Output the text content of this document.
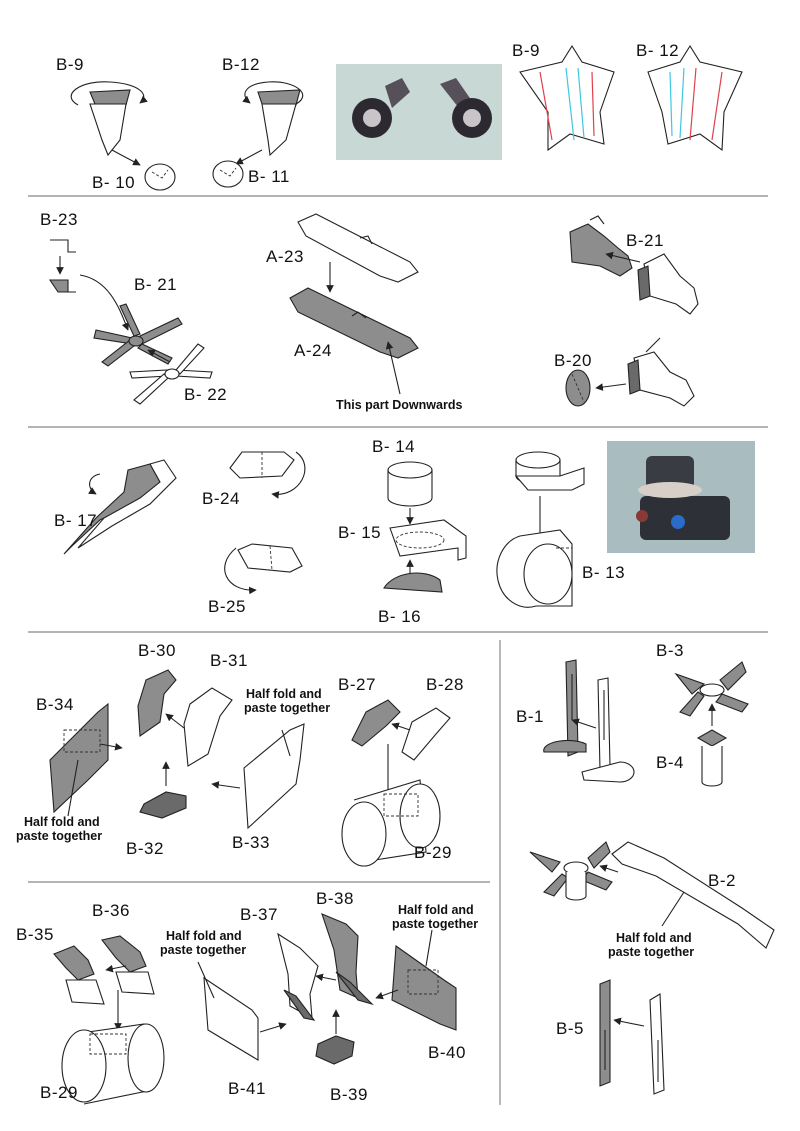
B-9
B- 10
B-12
B- 11
B-9	B- 12
B-23
B- 21
B- 22
A-23
A-24
This part Downwards
B-21
B-20
B- 17
B-24
B-25
B- 14
B- 15
B- 16
B- 13
B-30
B-31
B-34
B-32
Half fold and
paste together
B-33
Half fold and
paste together
B-27	B-28
B-29
B-1
B-3
B-4
B-2
Half fold and
paste together
B-5
B-36
B-35
B-29
B-37
B-38
Half fold and
paste together
Half fold and
paste together
B-41	B-39
B-40
